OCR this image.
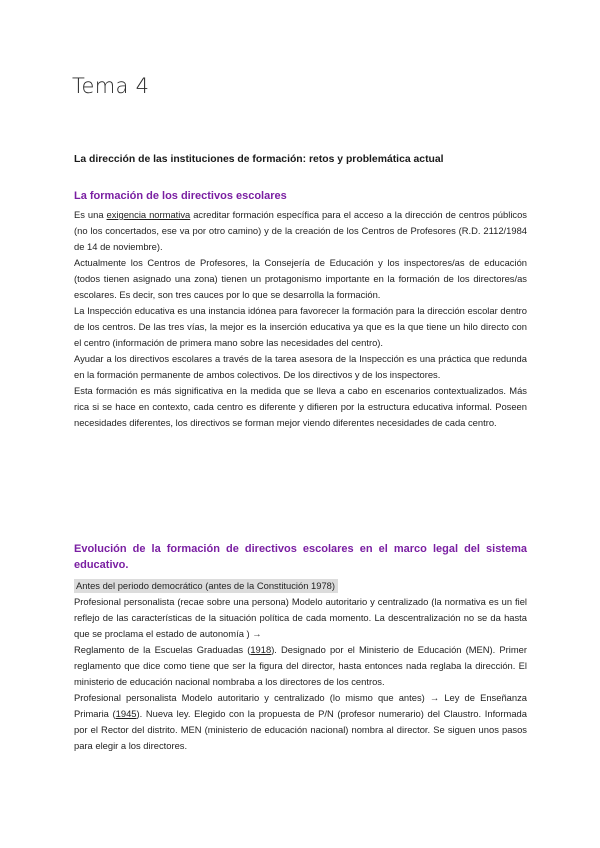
Tema 4
La dirección de las instituciones de formación: retos y problemática actual
La formación de los directivos escolares

Es una exigencia normativa acreditar formación específica para el acceso a la dirección de centros públicos (no los concertados, ese va por otro camino) y de la creación de los Centros de Profesores (R.D. 2112/1984 de 14 de noviembre).

Actualmente los Centros de Profesores, la Consejería de Educación y los inspectores/as de educación (todos tienen asignado una zona) tienen un protagonismo importante en la formación de los directores/as escolares. Es decir, son tres cauces por lo que se desarrolla la formación.

La Inspección educativa es una instancia idónea para favorecer la formación para la dirección escolar dentro de los centros. De las tres vías, la mejor es la inserción educativa ya que es la que tiene un hilo directo con el centro (información de primera mano sobre las necesidades del centro).

Ayudar a los directivos escolares a través de la tarea asesora de la Inspección es una práctica que redunda en la formación permanente de ambos colectivos. De los directivos y de los inspectores.

Esta formación es más significativa en la medida que se lleva a cabo en escenarios contextualizados. Más rica si se hace en contexto, cada centro es diferente y difieren por la estructura educativa informal. Poseen necesidades diferentes, los directivos se forman mejor viendo diferentes necesidades de cada centro.

Evolución de la formación de directivos escolares en el marco legal del sistema educativo.
Antes del periodo democrático (antes de la Constitución 1978)

Profesional personalista (recae sobre una persona) Modelo autoritario y centralizado (la normativa es un fiel reflejo de las características de la situación política de cada momento. La descentralización no se da hasta que se proclama el estado de autonomía ) →

Reglamento de la Escuelas Graduadas (1918). Designado por el Ministerio de Educación (MEN). Primer reglamento que dice como tiene que ser la figura del director, hasta entonces nada reglaba la dirección. El ministerio de educación nacional nombraba a los directores de los centros.

Profesional personalista Modelo autoritario y centralizado (lo mismo que antes) → Ley de Enseñanza Primaria (1945). Nueva ley. Elegido con la propuesta de P/N (profesor numerario) del Claustro. Informada por el Rector del distrito. MEN (ministerio de educación nacional) nombra al director. Se siguen unos pasos para elegir a los directores.
